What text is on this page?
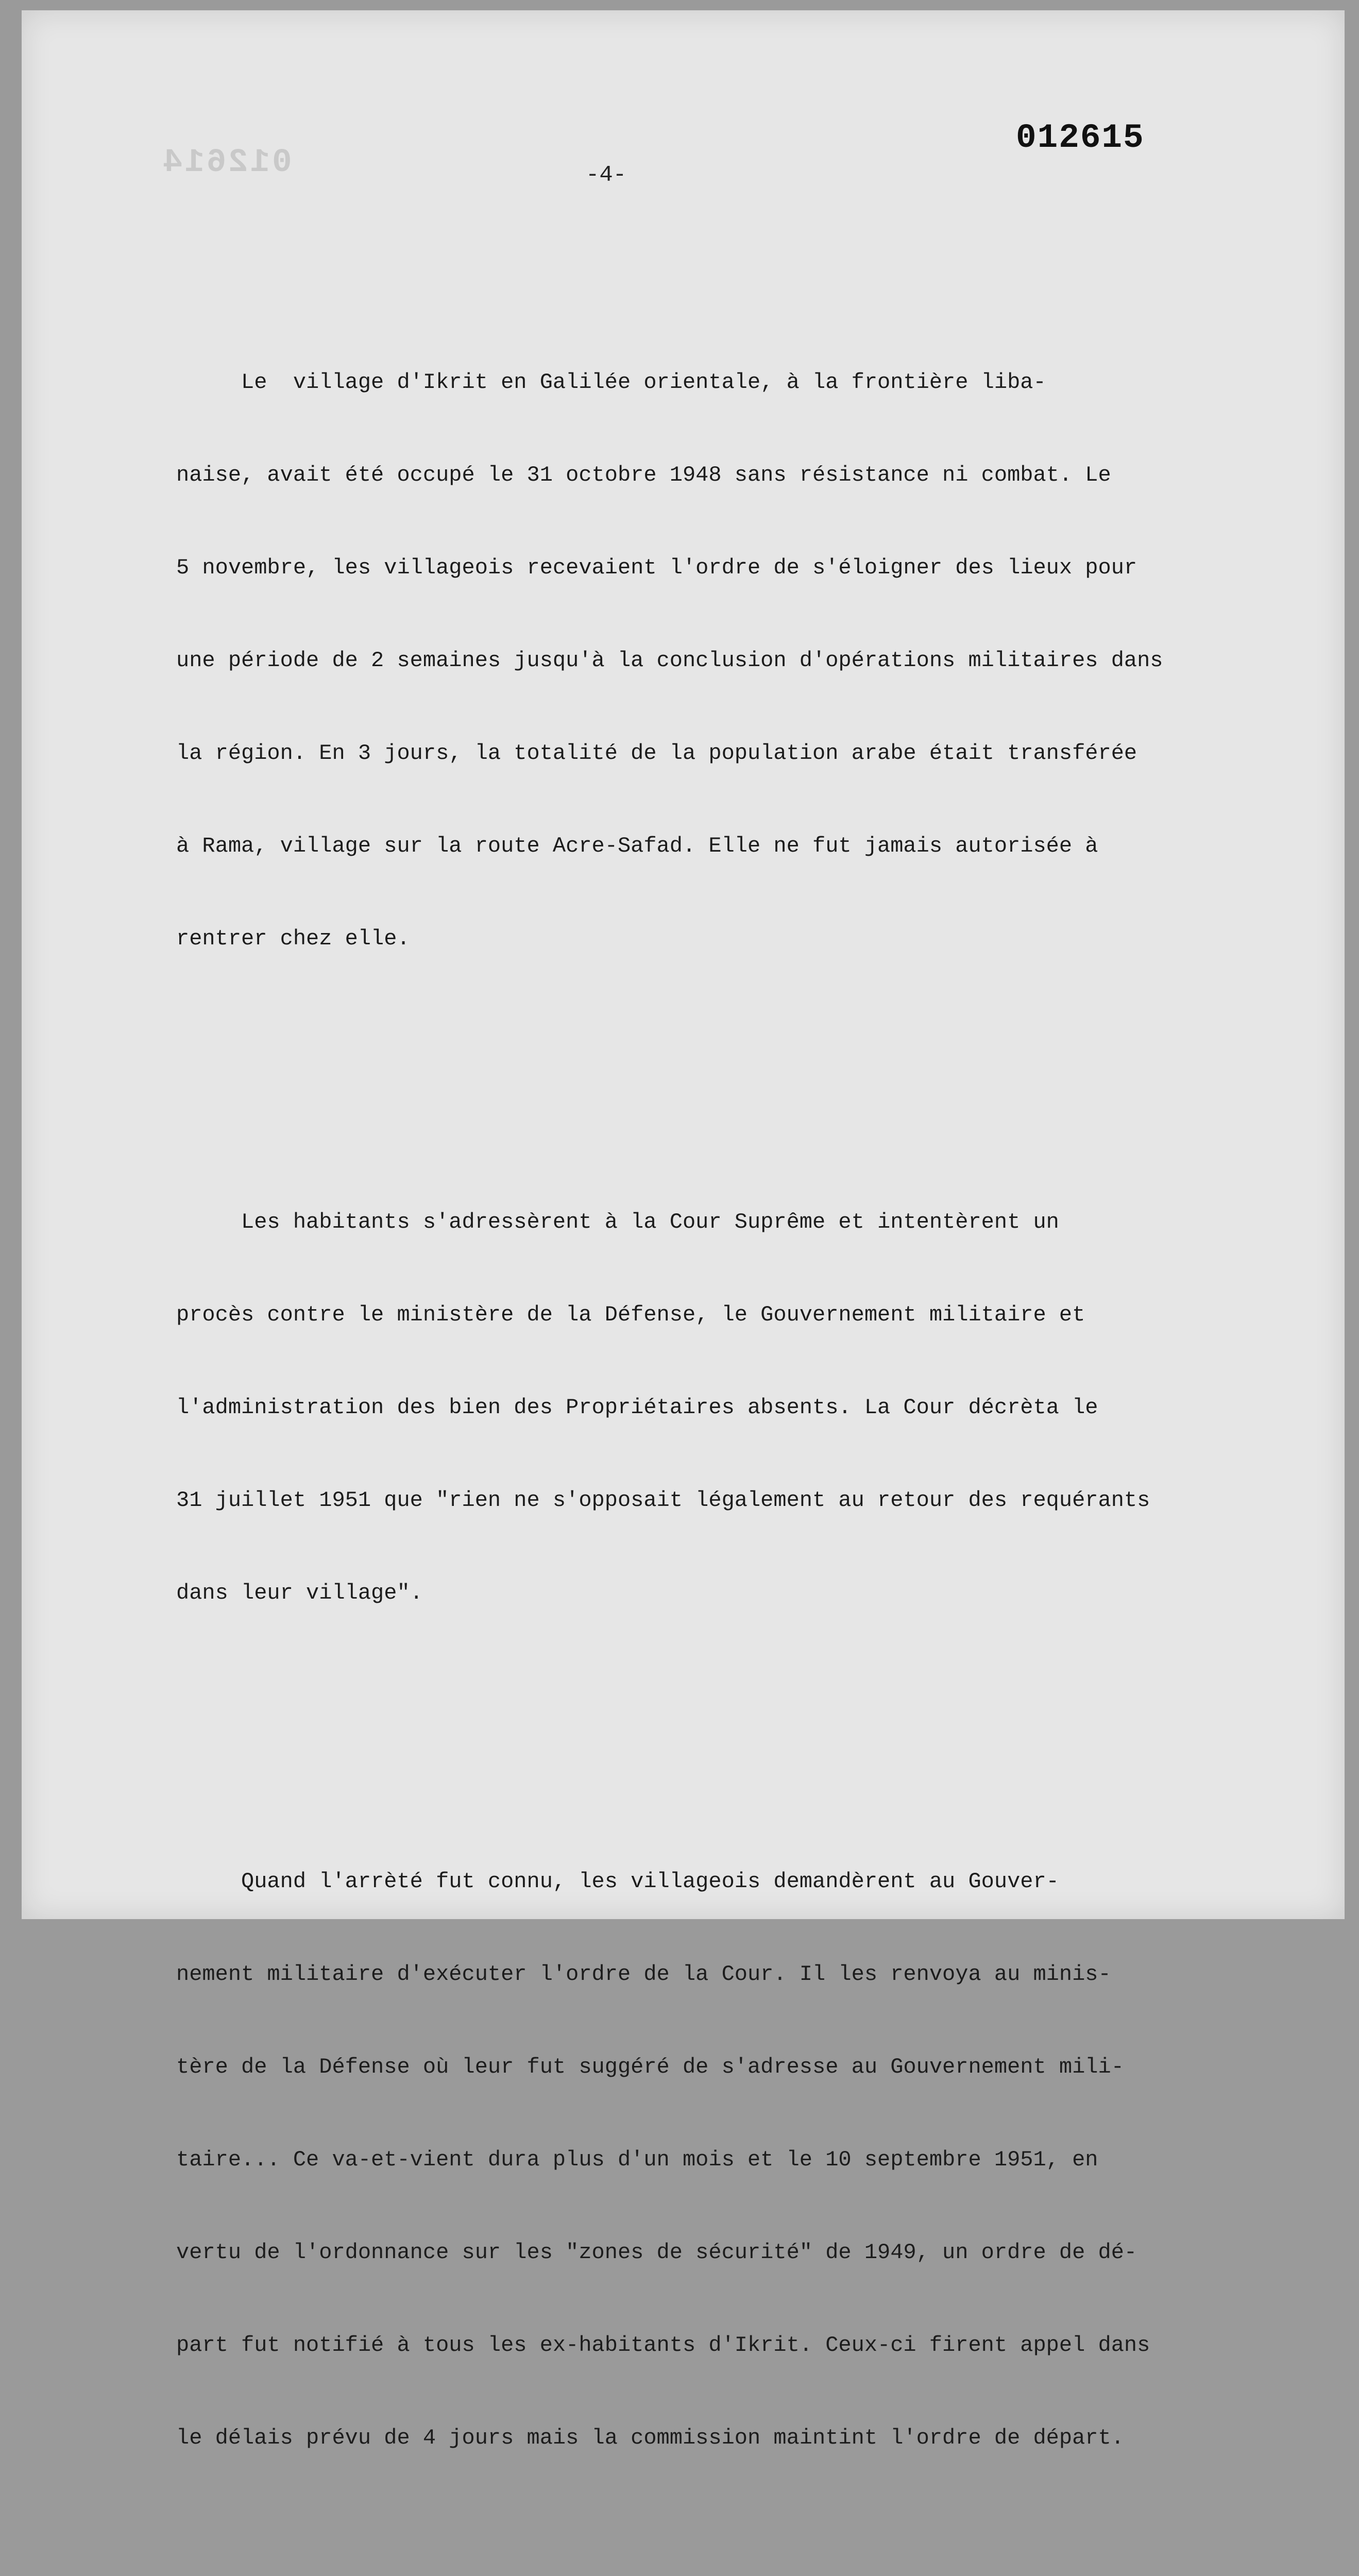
012614
012615
-4-

Le  village d'Ikrit en Galilée orientale, à la frontière liba-

naise, avait été occupé le 31 octobre 1948 sans résistance ni combat. Le

5 novembre, les villageois recevaient l'ordre de s'éloigner des lieux pour

une période de 2 semaines jusqu'à la conclusion d'opérations militaires dans

la région. En 3 jours, la totalité de la population arabe était transférée

à Rama, village sur la route Acre-Safad. Elle ne fut jamais autorisée à

rentrer chez elle.

Les habitants s'adressèrent à la Cour Suprême et intentèrent un

procès contre le ministère de la Défense, le Gouvernement militaire et

l'administration des bien des Propriétaires absents. La Cour décrèta le

31 juillet 1951 que "rien ne s'opposait légalement au retour des requérants

dans leur village".

Quand l'arrèté fut connu, les villageois demandèrent au Gouver-

nement militaire d'exécuter l'ordre de la Cour. Il les renvoya au minis-

tère de la Défense où leur fut suggéré de s'adresse au Gouvernement mili-

taire... Ce va-et-vient dura plus d'un mois et le 10 septembre 1951, en

vertu de l'ordonnance sur les "zones de sécurité" de 1949, un ordre de dé-

part fut notifié à tous les ex-habitants d'Ikrit. Ceux-ci firent appel dans

le délais prévu de 4 jours mais la commission maintint l'ordre de départ.
